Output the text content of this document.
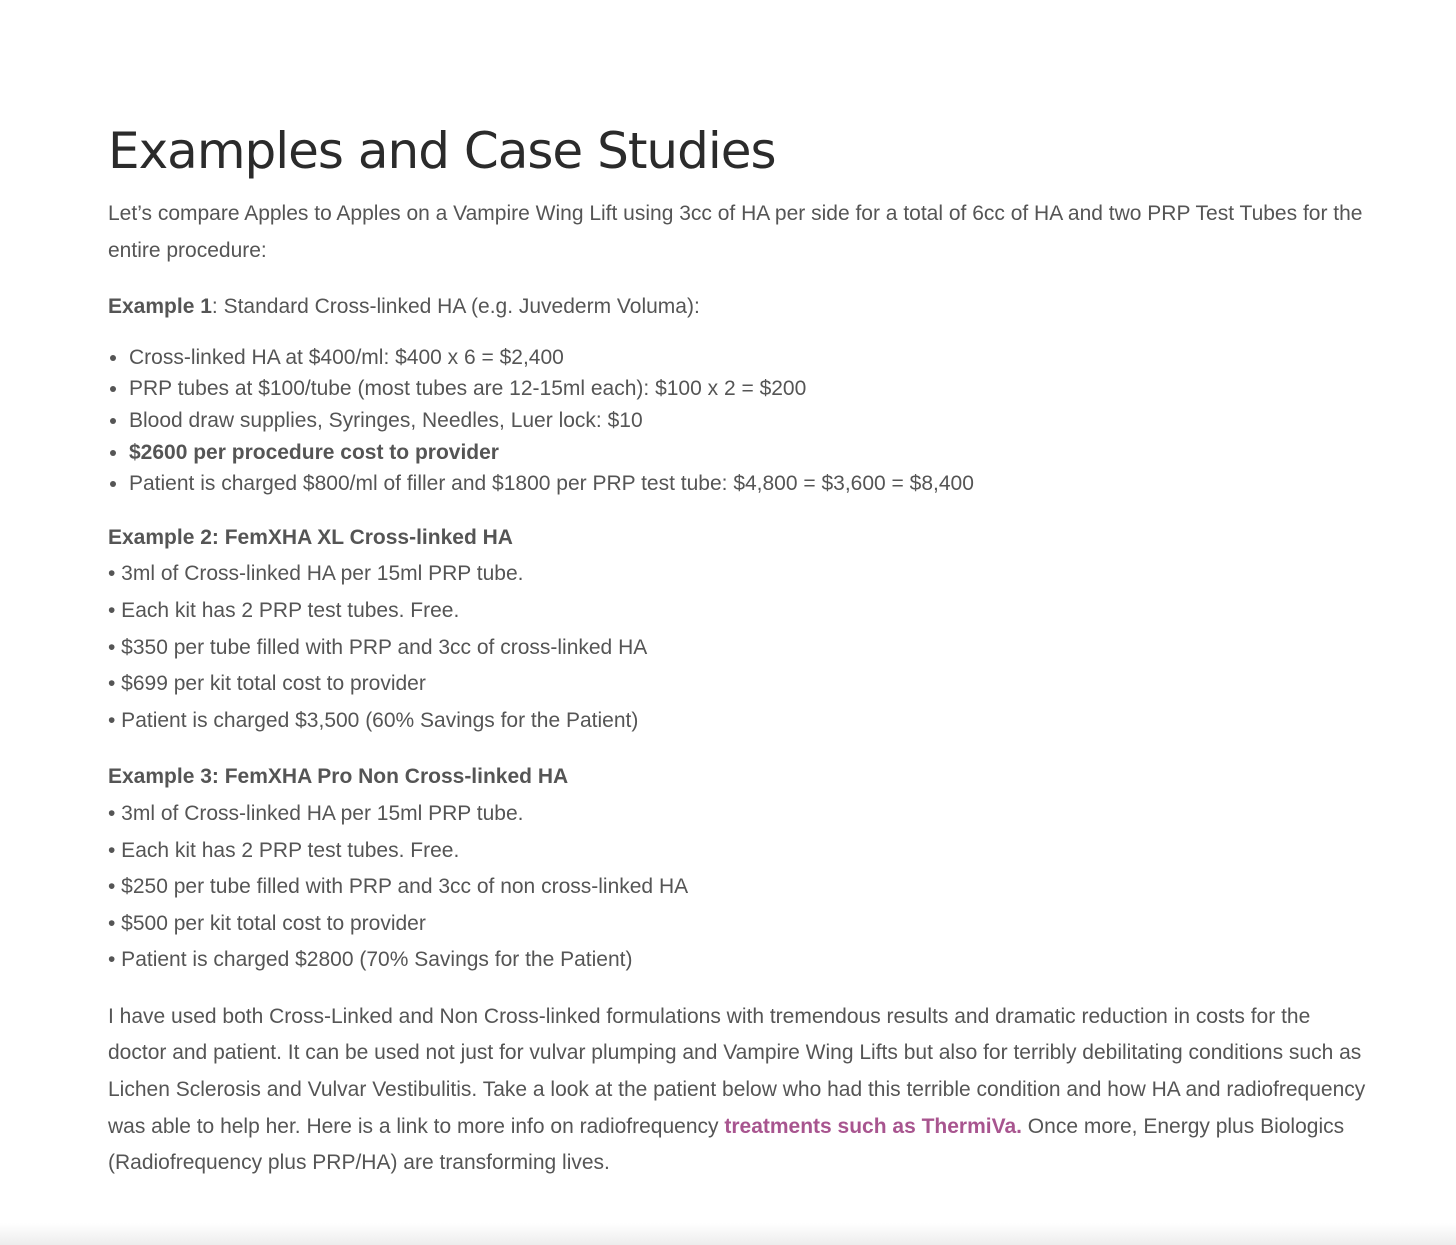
Examples and Case Studies

Let’s compare Apples to Apples on a Vampire Wing Lift using 3cc of HA per side for a total of 6cc of HA and two PRP Test Tubes for the entire procedure:

Example 1: Standard Cross-linked HA (e.g. Juvederm Voluma):

• Cross-linked HA at $400/ml: $400 x 6 = $2,400
• PRP tubes at $100/tube (most tubes are 12-15ml each): $100 x 2 = $200
• Blood draw supplies, Syringes, Needles, Luer lock: $10
• $2600 per procedure cost to provider
• Patient is charged $800/ml of filler and $1800 per PRP test tube: $4,800 = $3,600 = $8,400

Example 2: FemXHA XL Cross-linked HA
• 3ml of Cross-linked HA per 15ml PRP tube.
• Each kit has 2 PRP test tubes. Free.
• $350 per tube filled with PRP and 3cc of cross-linked HA
• $699 per kit total cost to provider
• Patient is charged $3,500 (60% Savings for the Patient)

Example 3: FemXHA Pro Non Cross-linked HA
• 3ml of Cross-linked HA per 15ml PRP tube.
• Each kit has 2 PRP test tubes. Free.
• $250 per tube filled with PRP and 3cc of non cross-linked HA
• $500 per kit total cost to provider
• Patient is charged $2800 (70% Savings for the Patient)

I have used both Cross-Linked and Non Cross-linked formulations with tremendous results and dramatic reduction in costs for the doctor and patient. It can be used not just for vulvar plumping and Vampire Wing Lifts but also for terribly debilitating conditions such as Lichen Sclerosis and Vulvar Vestibulitis. Take a look at the patient below who had this terrible condition and how HA and radiofrequency was able to help her. Here is a link to more info on radiofrequency treatments such as ThermiVa. Once more, Energy plus Biologics (Radiofrequency plus PRP/HA) are transforming lives.
